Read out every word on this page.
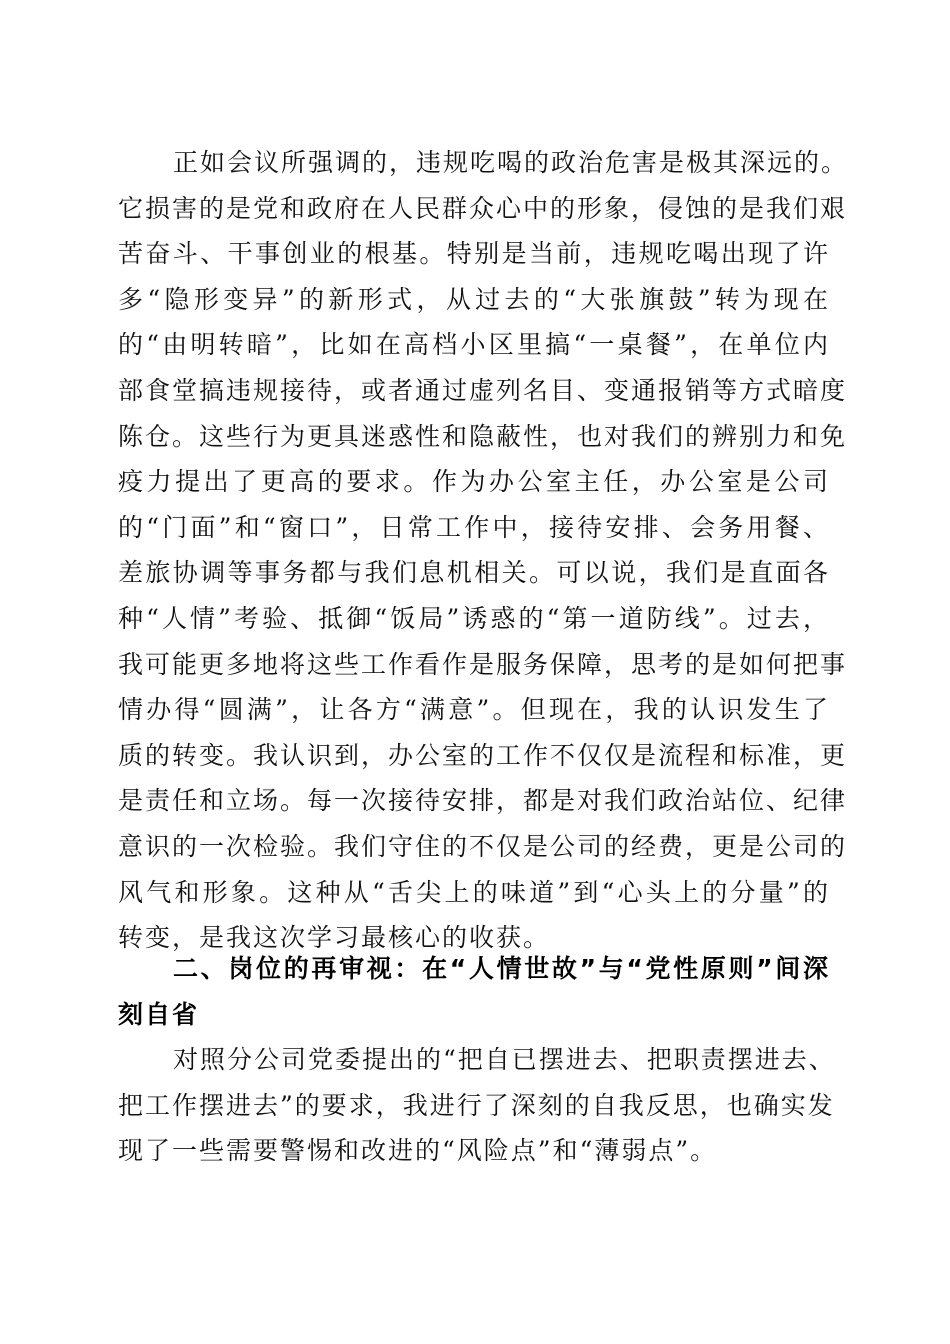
正如会议所强调的，违规吃喝的政治危害是极其深远的。
它损害的是党和政府在人民群众心中的形象，侵蚀的是我们艰
苦奋斗、干事创业的根基。特别是当前，违规吃喝出现了许
多“隐形变异”的新形式，从过去的“大张旗鼓”转为现在
的“由明转暗”，比如在高档小区里搞“一桌餐”，在单位内
部食堂搞违规接待，或者通过虚列名目、变通报销等方式暗度
陈仓。这些行为更具迷惑性和隐蔽性，也对我们的辨别力和免
疫力提出了更高的要求。作为办公室主任，办公室是公司
的“门面”和“窗口”，日常工作中，接待安排、会务用餐、
差旅协调等事务都与我们息机相关。可以说，我们是直面各
种“人情”考验、抵御“饭局”诱惑的“第一道防线”。过去，
我可能更多地将这些工作看作是服务保障，思考的是如何把事
情办得“圆满”，让各方“满意”。但现在，我的认识发生了
质的转变。我认识到，办公室的工作不仅仅是流程和标准，更
是责任和立场。每一次接待安排，都是对我们政治站位、纪律
意识的一次检验。我们守住的不仅是公司的经费，更是公司的
风气和形象。这种从“舌尖上的味道”到“心头上的分量”的
转变，是我这次学习最核心的收获。
二、岗位的再审视：在“人情世故”与“党性原则”间深
刻自省
对照分公司党委提出的“把自已摆进去、把职责摆进去、
把工作摆进去”的要求，我进行了深刻的自我反思，也确实发
现了一些需要警惕和改进的“风险点”和“薄弱点”。
